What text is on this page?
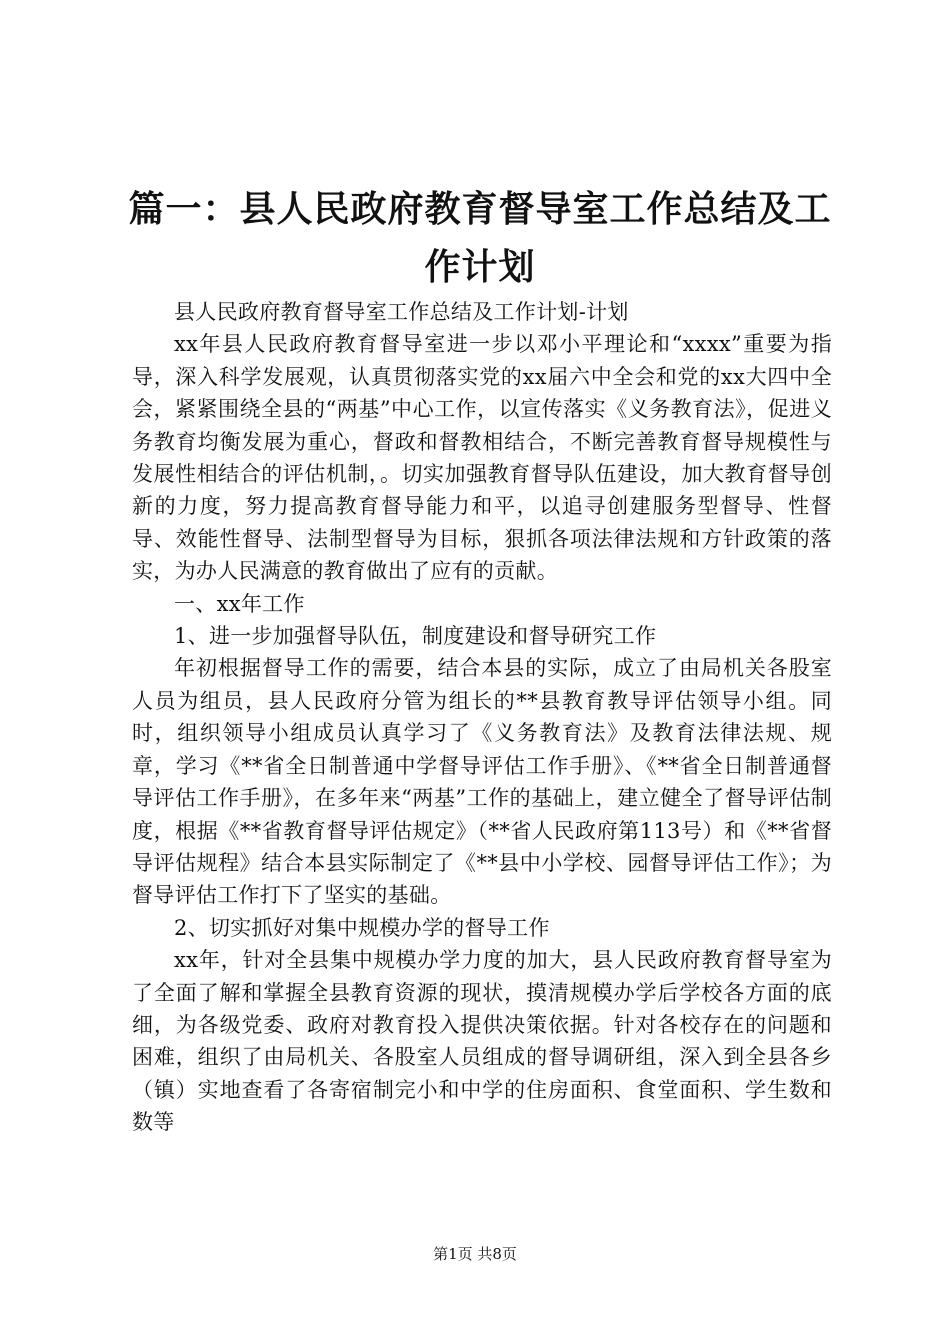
篇一：县人民政府教育督导室工作总结及工作计划

县人民政府教育督导室工作总结及工作计划-计划

xx年县人民政府教育督导室进一步以邓小平理论和“xxxx”重要为指导，深入科学发展观，认真贯彻落实党的xx届六中全会和党的xx大四中全会，紧紧围绕全县的“两基”中心工作，以宣传落实《义务教育法》，促进义务教育均衡发展为重心，督政和督教相结合，不断完善教育督导规模性与发展性相结合的评估机制，。切实加强教育督导队伍建设，加大教育督导创新的力度，努力提高教育督导能力和平，以追寻创建服务型督导、性督导、效能性督导、法制型督导为目标，狠抓各项法律法规和方针政策的落实，为办人民满意的教育做出了应有的贡献。

一、xx年工作

1、进一步加强督导队伍，制度建设和督导研究工作

年初根据督导工作的需要，结合本县的实际，成立了由局机关各股室人员为组员，县人民政府分管为组长的**县教育教导评估领导小组。同时，组织领导小组成员认真学习了《义务教育法》及教育法律法规、规章，学习《**省全日制普通中学督导评估工作手册》、《**省全日制普通督导评估工作手册》，在多年来“两基”工作的基础上，建立健全了督导评估制度，根据《**省教育督导评估规定》（**省人民政府第113号）和《**省督导评估规程》结合本县实际制定了《**县中小学校、园督导评估工作》；为督导评估工作打下了坚实的基础。

2、切实抓好对集中规模办学的督导工作

xx年，针对全县集中规模办学力度的加大，县人民政府教育督导室为了全面了解和掌握全县教育资源的现状，摸清规模办学后学校各方面的底细，为各级党委、政府对教育投入提供决策依据。针对各校存在的问题和困难，组织了由局机关、各股室人员组成的督导调研组，深入到全县各乡（镇）实地查看了各寄宿制完小和中学的住房面积、食堂面积、学生数和数等

第1页 共8页
